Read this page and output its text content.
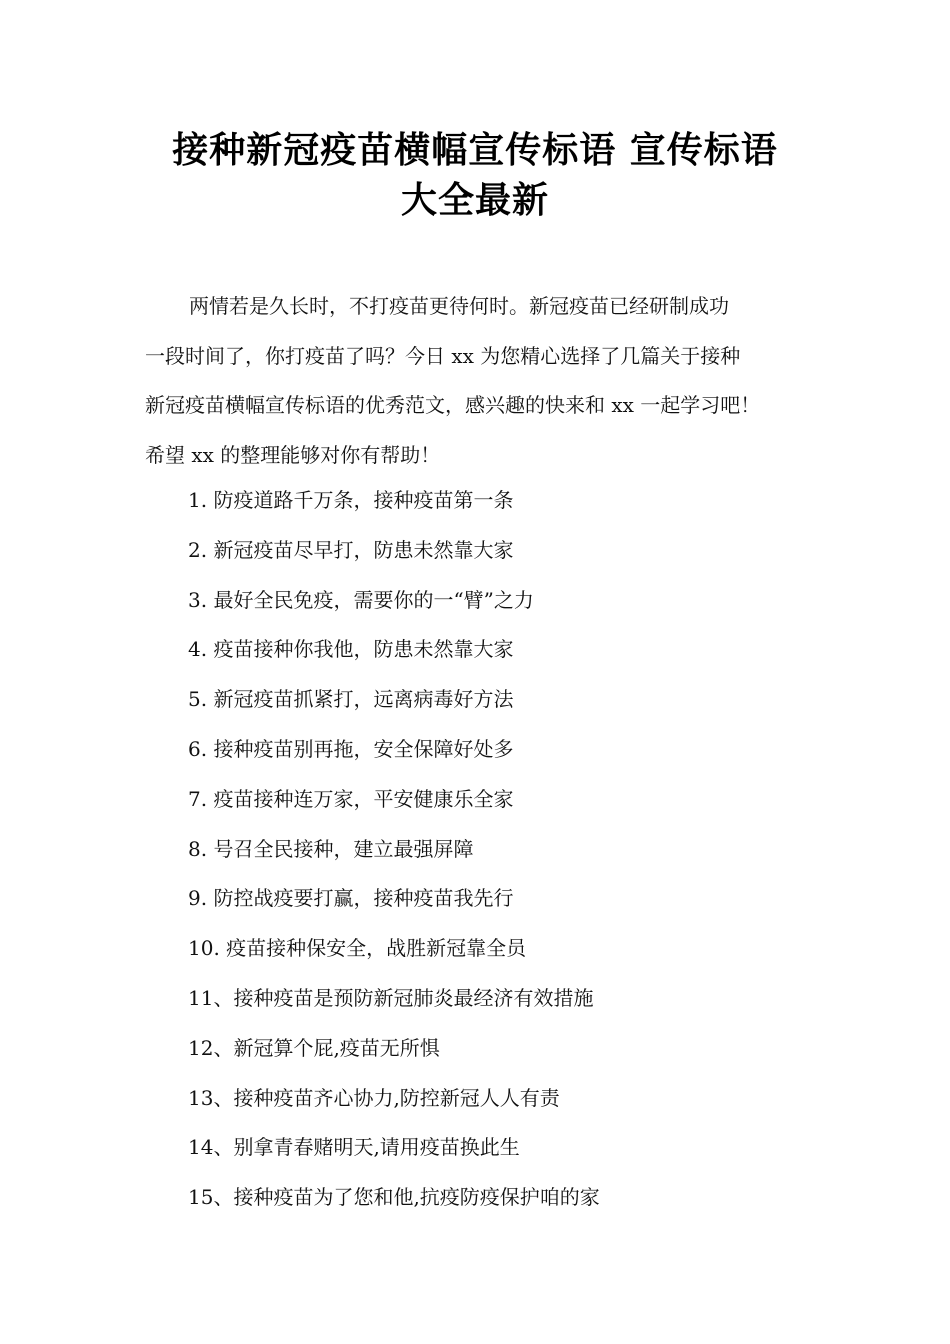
接种新冠疫苗横幅宣传标语 宣传标语
大全最新

两情若是久长时，不打疫苗更待何时。新冠疫苗已经研制成功
一段时间了，你打疫苗了吗？今日 xx 为您精心选择了几篇关于接种
新冠疫苗横幅宣传标语的优秀范文，感兴趣的快来和 xx 一起学习吧！
希望 xx 的整理能够对你有帮助！

1. 防疫道路千万条，接种疫苗第一条
2. 新冠疫苗尽早打，防患未然靠大家
3. 最好全民免疫，需要你的一“臂”之力
4. 疫苗接种你我他，防患未然靠大家
5. 新冠疫苗抓紧打，远离病毒好方法
6. 接种疫苗别再拖，安全保障好处多
7. 疫苗接种连万家，平安健康乐全家
8. 号召全民接种，建立最强屏障
9. 防控战疫要打赢，接种疫苗我先行
10. 疫苗接种保安全，战胜新冠靠全员
11、接种疫苗是预防新冠肺炎最经济有效措施
12、新冠算个屁,疫苗无所惧
13、接种疫苗齐心协力,防控新冠人人有责
14、别拿青春赌明天,请用疫苗换此生
15、接种疫苗为了您和他,抗疫防疫保护咱的家
